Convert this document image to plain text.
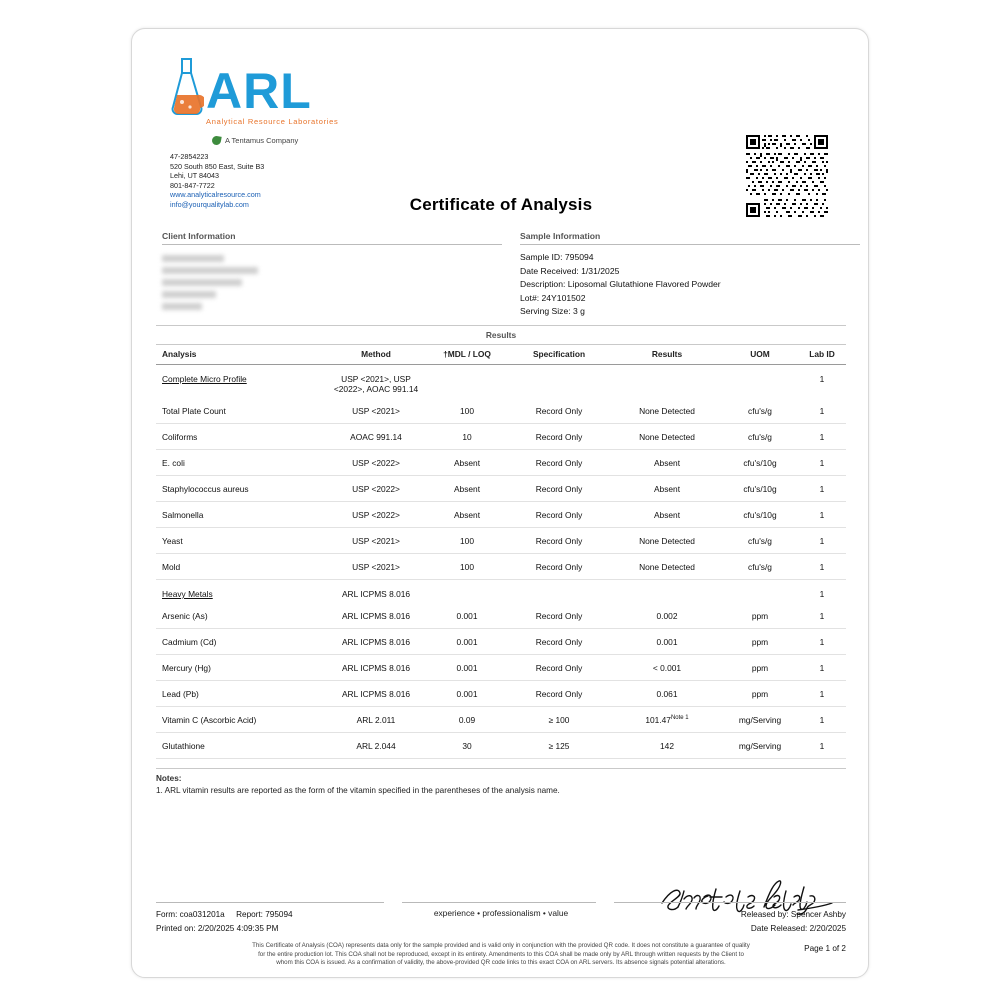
ARL
Analytical Resource Laboratories
A Tentamus Company
47-2854223
520 South 850 East, Suite B3
Lehi, UT 84043
801-847-7722
www.analyticalresource.com
info@yourqualitylab.com	Certificate of Analysis
Client Information	Sample Information
Sample ID: 795094
Date Received: 1/31/2025
Description: Liposomal Glutathione Flavored Powder
Lot#: 24Y101502
Serving Size: 3 g
Results
Analysis	Method	†MDL / LOQ	Specification	Results	UOM	Lab ID
Complete Micro Profile	USP <2021>, USP <2022>, AOAC 991.14					1
Total Plate Count	USP <2021>	100	Record Only	None Detected	cfu's/g	1
Coliforms	AOAC 991.14	10	Record Only	None Detected	cfu's/g	1
E. coli	USP <2022>	Absent	Record Only	Absent	cfu's/10g	1
Staphylococcus aureus	USP <2022>	Absent	Record Only	Absent	cfu's/10g	1
Salmonella	USP <2022>	Absent	Record Only	Absent	cfu's/10g	1
Yeast	USP <2021>	100	Record Only	None Detected	cfu's/g	1
Mold	USP <2021>	100	Record Only	None Detected	cfu's/g	1
Heavy Metals	ARL ICPMS 8.016					1
Arsenic (As)	ARL ICPMS 8.016	0.001	Record Only	0.002	ppm	1
Cadmium (Cd)	ARL ICPMS 8.016	0.001	Record Only	0.001	ppm	1
Mercury (Hg)	ARL ICPMS 8.016	0.001	Record Only	< 0.001	ppm	1
Lead (Pb)	ARL ICPMS 8.016	0.001	Record Only	0.061	ppm	1
Vitamin C (Ascorbic Acid)	ARL 2.011	0.09	≥ 100	$101.47^{Note 1}$	mg/Serving	1
Glutathione	ARL 2.044	30	≥ 125	142	mg/Serving	1
Notes:
1. ARL vitamin results are reported as the form of the vitamin specified in the parentheses of the analysis name.
Form: coa031201a Report: 795094
Printed on: 2/20/2025 4:09:35 PM
experience • professionalism • value	Released by: Spencer Ashby
Date Released: 2/20/2025
This Certificate of Analysis (COA) represents data only for the sample provided and is valid only in conjunction with the provided QR code. It does not constitute a guarantee of quality for the entire production lot. This COA shall not be reproduced, except in its entirety. Amendments to this COA shall be made only by ARL through written requests by the Client to whom this COA is issued. As a confirmation of validity, the above-provided QR code links to this exact COA on ARL servers. Its absence signals potential alterations.
Page 1 of 2
